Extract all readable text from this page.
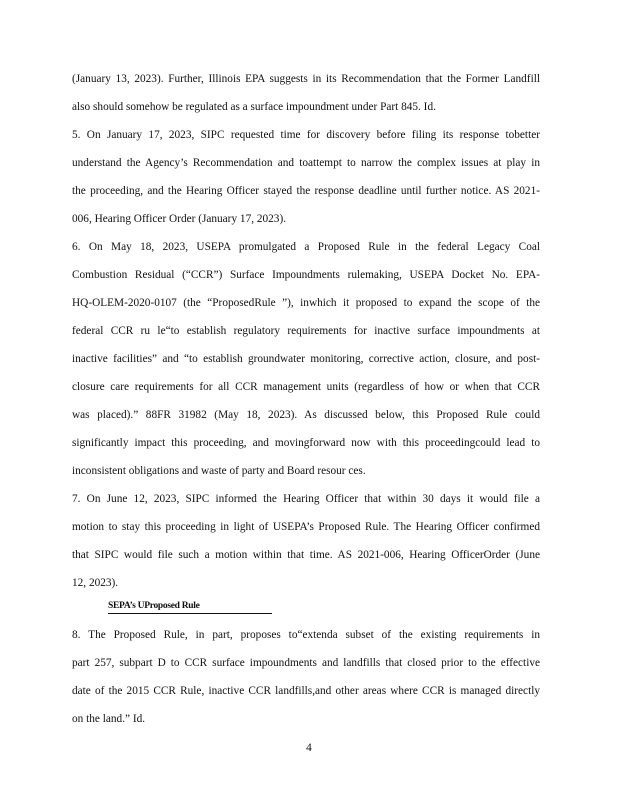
(January 13, 2023). Further, Illinois EPA suggests in its Recommendation that the Former Landfill
also should somehow be regulated as a surface impoundment under Part 845. Id.
5. On January 17, 2023, SIPC requested time for discovery before filing its response tobetter
understand the Agency’s Recommendation and toattempt to narrow the complex issues at play in
the proceeding, and the Hearing Officer stayed the response deadline until further notice. AS 2021-
006, Hearing Officer Order (January 17, 2023).
6. On May 18, 2023, USEPA promulgated a Proposed Rule in the federal Legacy Coal
Combustion Residual (“CCR”) Surface Impoundments rulemaking, USEPA Docket No. EPA-
HQ-OLEM-2020-0107 (the “ProposedRule ”), inwhich it proposed to expand the scope of the
federal CCR ru le“to establish regulatory requirements for inactive surface impoundments at
inactive facilities” and “to establish groundwater monitoring, corrective action, closure, and post-
closure care requirements for all CCR management units (regardless of how or when that CCR
was placed).” 88FR 31982 (May 18, 2023). As discussed below, this Proposed Rule could
significantly impact this proceeding, and movingforward now with this proceedingcould lead to
inconsistent obligations and waste of party and Board resour ces.
7. On June 12, 2023, SIPC informed the Hearing Officer that within 30 days it would file a
motion to stay this proceeding in light of USEPA’s Proposed Rule. The Hearing Officer confirmed
that SIPC would file such a motion within that time. AS 2021-006, Hearing OfficerOrder (June
12, 2023).
SEPA’s UProposed Rule
8. The Proposed Rule, in part, proposes to“extenda subset of the existing requirements in
part 257, subpart D to CCR surface impoundments and landfills that closed prior to the effective
date of the 2015 CCR Rule, inactive CCR landfills,and other areas where CCR is managed directly
on the land.” Id.
4
